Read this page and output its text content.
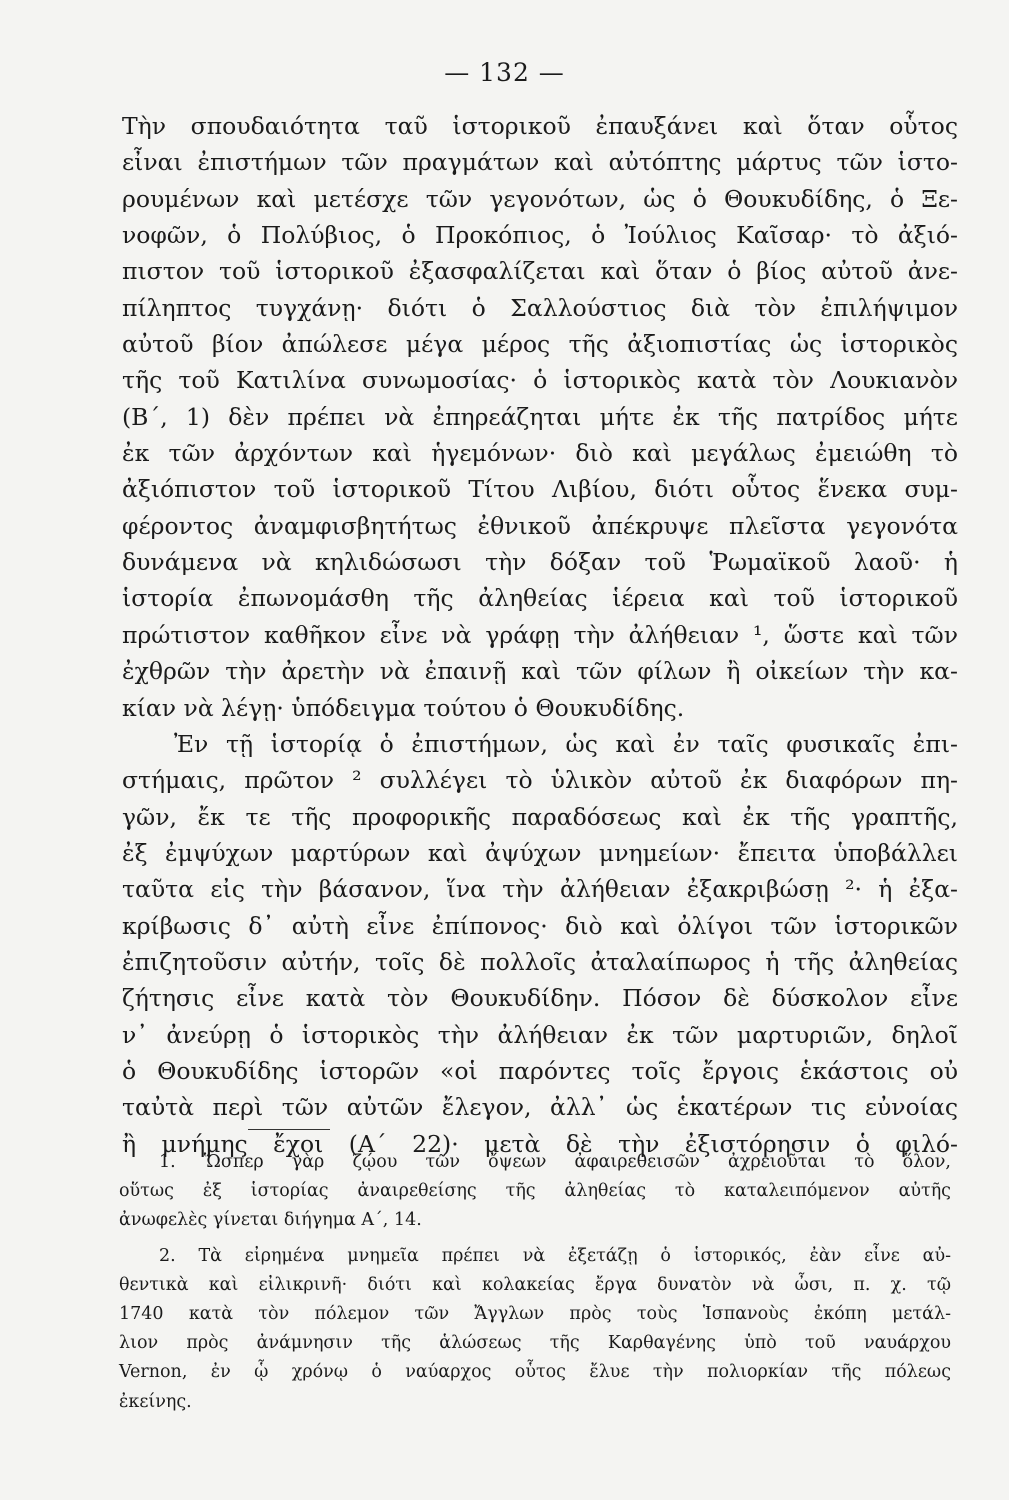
— 132 —
Τὴν σπουδαιότητα ταῦ ἱστορικοῦ ἐπαυξάνει καὶ ὅταν οὗτος
εἶναι ἐπιστήμων τῶν πραγμάτων καὶ αὐτόπτης μάρτυς τῶν ἱστο-
ρουμένων καὶ μετέσχε τῶν γεγονότων, ὡς ὁ Θουκυδίδης, ὁ Ξε-
νοφῶν, ὁ Πολύβιος, ὁ Προκόπιος, ὁ Ἰούλιος Καῖσαρ· τὸ ἀξιό-
πιστον τοῦ ἱστορικοῦ ἐξασφαλίζεται καὶ ὅταν ὁ βίος αὐτοῦ ἀνε-
πίληπτος τυγχάνῃ· διότι ὁ Σαλλούστιος διὰ τὸν ἐπιλήψιμον
αὐτοῦ βίον ἀπώλεσε μέγα μέρος τῆς ἀξιοπιστίας ὡς ἱστορικὸς
τῆς τοῦ Κατιλίνα συνωμοσίας· ὁ ἱστορικὸς κατὰ τὸν Λουκιανὸν
(Β΄, 1) δὲν πρέπει νὰ ἐπηρεάζηται μήτε ἐκ τῆς πατρίδος μήτε
ἐκ τῶν ἀρχόντων καὶ ἡγεμόνων· διὸ καὶ μεγάλως ἐμειώθη τὸ
ἀξιόπιστον τοῦ ἱστορικοῦ Τίτου Λιβίου, διότι οὗτος ἕνεκα συμ-
φέροντος ἀναμφισβητήτως ἐθνικοῦ ἀπέκρυψε πλεῖστα γεγονότα
δυνάμενα νὰ κηλιδώσωσι τὴν δόξαν τοῦ Ῥωμαϊκοῦ λαοῦ· ἡ
ἱστορία ἐπωνομάσθη τῆς ἀληθείας ἱέρεια καὶ τοῦ ἱστορικοῦ
πρώτιστον καθῆκον εἶνε νὰ γράφῃ τὴν ἀλήθειαν ¹, ὥστε καὶ τῶν
ἐχθρῶν τὴν ἀρετὴν νὰ ἐπαινῇ καὶ τῶν φίλων ἢ οἰκείων τὴν κα-
κίαν νὰ λέγῃ· ὑπόδειγμα τούτου ὁ Θουκυδίδης.
Ἐν τῇ ἱστορίᾳ ὁ ἐπιστήμων, ὡς καὶ ἐν ταῖς φυσικαῖς ἐπι-
στήμαις, πρῶτον ² συλλέγει τὸ ὑλικὸν αὐτοῦ ἐκ διαφόρων πη-
γῶν, ἔκ τε τῆς προφορικῆς παραδόσεως καὶ ἐκ τῆς γραπτῆς,
ἐξ ἐμψύχων μαρτύρων καὶ ἀψύχων μνημείων· ἔπειτα ὑποβάλλει
ταῦτα εἰς τὴν βάσανον, ἵνα τὴν ἀλήθειαν ἐξακριβώσῃ ²· ἡ ἐξα-
κρίβωσις δ᾽ αὐτὴ εἶνε ἐπίπονος· διὸ καὶ ὀλίγοι τῶν ἱστορικῶν
ἐπιζητοῦσιν αὐτήν, τοῖς δὲ πολλοῖς ἀταλαίπωρος ἡ τῆς ἀληθείας
ζήτησις εἶνε κατὰ τὸν Θουκυδίδην. Πόσον δὲ δύσκολον εἶνε
ν᾽ ἀνεύρῃ ὁ ἱστορικὸς τὴν ἀλήθειαν ἐκ τῶν μαρτυριῶν, δηλοῖ
ὁ Θουκυδίδης ἱστορῶν «οἱ παρόντες τοῖς ἔργοις ἑκάστοις οὐ
ταὐτὰ περὶ τῶν αὐτῶν ἔλεγον, ἀλλ᾽ ὡς ἑκατέρων τις εὐνοίας
ἢ μνήμης ἔχοι (Α΄ 22)· μετὰ δὲ τὴν ἐξιστόρησιν ὁ φιλό-
1. Ὥσπερ γὰρ ζῴου τῶν ὄψεων ἀφαιρεθεισῶν ἀχρειοῦται τὸ ὅλον,
οὕτως ἐξ ἱστορίας ἀναιρεθείσης τῆς ἀληθείας τὸ καταλειπόμενον αὐτῆς
ἀνωφελὲς γίνεται διήγημα Α΄, 14.
2. Τὰ εἰρημένα μνημεῖα πρέπει νὰ ἐξετάζῃ ὁ ἱστορικός, ἐὰν εἶνε αὐ-
θεντικὰ καὶ εἰλικρινῆ· διότι καὶ κολακείας ἔργα δυνατὸν νὰ ὦσι, π. χ. τῷ
1740 κατὰ τὸν πόλεμον τῶν Ἄγγλων πρὸς τοὺς Ἱσπανοὺς ἐκόπη μετάλ-
λιον πρὸς ἀνάμνησιν τῆς ἁλώσεως τῆς Καρθαγένης ὑπὸ τοῦ ναυάρχου
Vernon, ἐν ᾧ χρόνῳ ὁ ναύαρχος οὗτος ἔλυε τὴν πολιορκίαν τῆς πόλεως
ἐκείνης.
